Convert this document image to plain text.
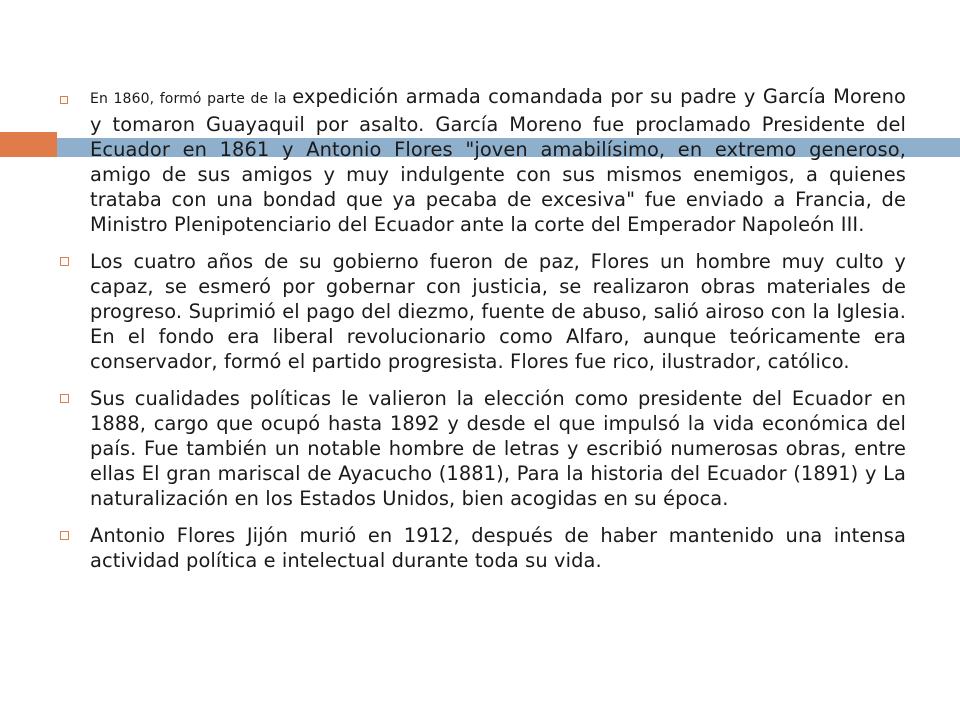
En 1860, formó parte de la expedición armada comandada por su padre y García Moreno y tomaron Guayaquil por asalto. García Moreno fue proclamado Presidente del Ecuador en 1861 y Antonio Flores "joven amabilísimo, en extremo generoso, amigo de sus amigos y muy indulgente con sus mismos enemigos, a quienes trataba con una bondad que ya pecaba de excesiva" fue enviado a Francia, de Ministro Plenipotenciario del Ecuador ante la corte del Emperador Napoleón III.

Los cuatro años de su gobierno fueron de paz, Flores un hombre muy culto y capaz, se esmeró por gobernar con justicia, se realizaron obras materiales de progreso. Suprimió el pago del diezmo, fuente de abuso, salió airoso con la Iglesia. En el fondo era liberal revolucionario como Alfaro, aunque teóricamente era conservador, formó el partido progresista. Flores fue rico, ilustrador, católico.

Sus cualidades políticas le valieron la elección como presidente del Ecuador en 1888, cargo que ocupó hasta 1892 y desde el que impulsó la vida económica del país. Fue también un notable hombre de letras y escribió numerosas obras, entre ellas El gran mariscal de Ayacucho (1881), Para la historia del Ecuador (1891) y La naturalización en los Estados Unidos, bien acogidas en su época.

Antonio Flores Jijón murió en 1912, después de haber mantenido una intensa actividad política e intelectual durante toda su vida.
